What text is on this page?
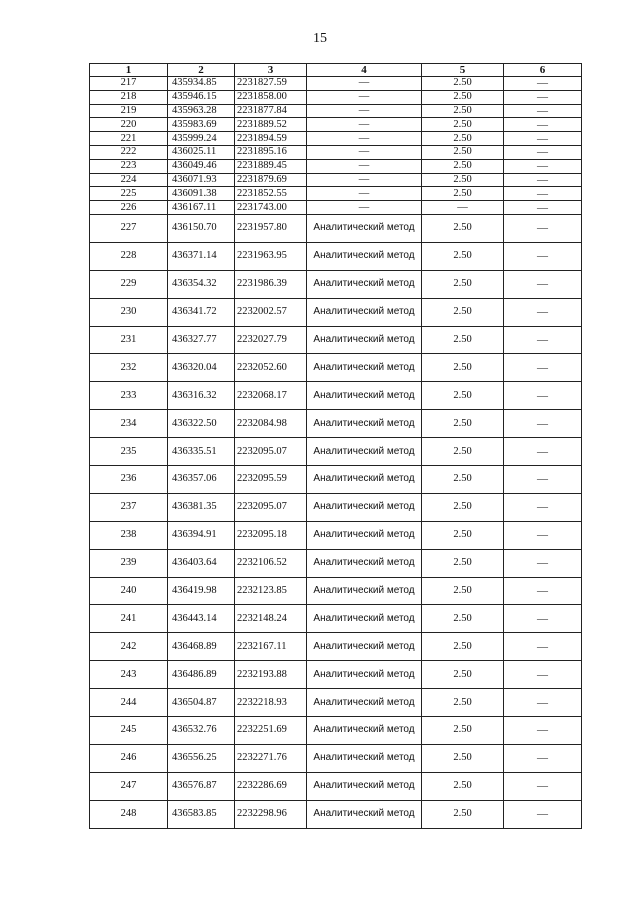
15
1	2	3	4	5	6
217	435934.85	2231827.59	—	2.50	—
218	435946.15	2231858.00	—	2.50	—
219	435963.28	2231877.84	—	2.50	—
220	435983.69	2231889.52	—	2.50	—
221	435999.24	2231894.59	—	2.50	—
222	436025.11	2231895.16	—	2.50	—
223	436049.46	2231889.45	—	2.50	—
224	436071.93	2231879.69	—	2.50	—
225	436091.38	2231852.55	—	2.50	—
226	436167.11	2231743.00	—	—	—
227	436150.70	2231957.80	Аналитический метод	2.50	—
228	436371.14	2231963.95	Аналитический метод	2.50	—
229	436354.32	2231986.39	Аналитический метод	2.50	—
230	436341.72	2232002.57	Аналитический метод	2.50	—
231	436327.77	2232027.79	Аналитический метод	2.50	—
232	436320.04	2232052.60	Аналитический метод	2.50	—
233	436316.32	2232068.17	Аналитический метод	2.50	—
234	436322.50	2232084.98	Аналитический метод	2.50	—
235	436335.51	2232095.07	Аналитический метод	2.50	—
236	436357.06	2232095.59	Аналитический метод	2.50	—
237	436381.35	2232095.07	Аналитический метод	2.50	—
238	436394.91	2232095.18	Аналитический метод	2.50	—
239	436403.64	2232106.52	Аналитический метод	2.50	—
240	436419.98	2232123.85	Аналитический метод	2.50	—
241	436443.14	2232148.24	Аналитический метод	2.50	—
242	436468.89	2232167.11	Аналитический метод	2.50	—
243	436486.89	2232193.88	Аналитический метод	2.50	—
244	436504.87	2232218.93	Аналитический метод	2.50	—
245	436532.76	2232251.69	Аналитический метод	2.50	—
246	436556.25	2232271.76	Аналитический метод	2.50	—
247	436576.87	2232286.69	Аналитический метод	2.50	—
248	436583.85	2232298.96	Аналитический метод	2.50	—
